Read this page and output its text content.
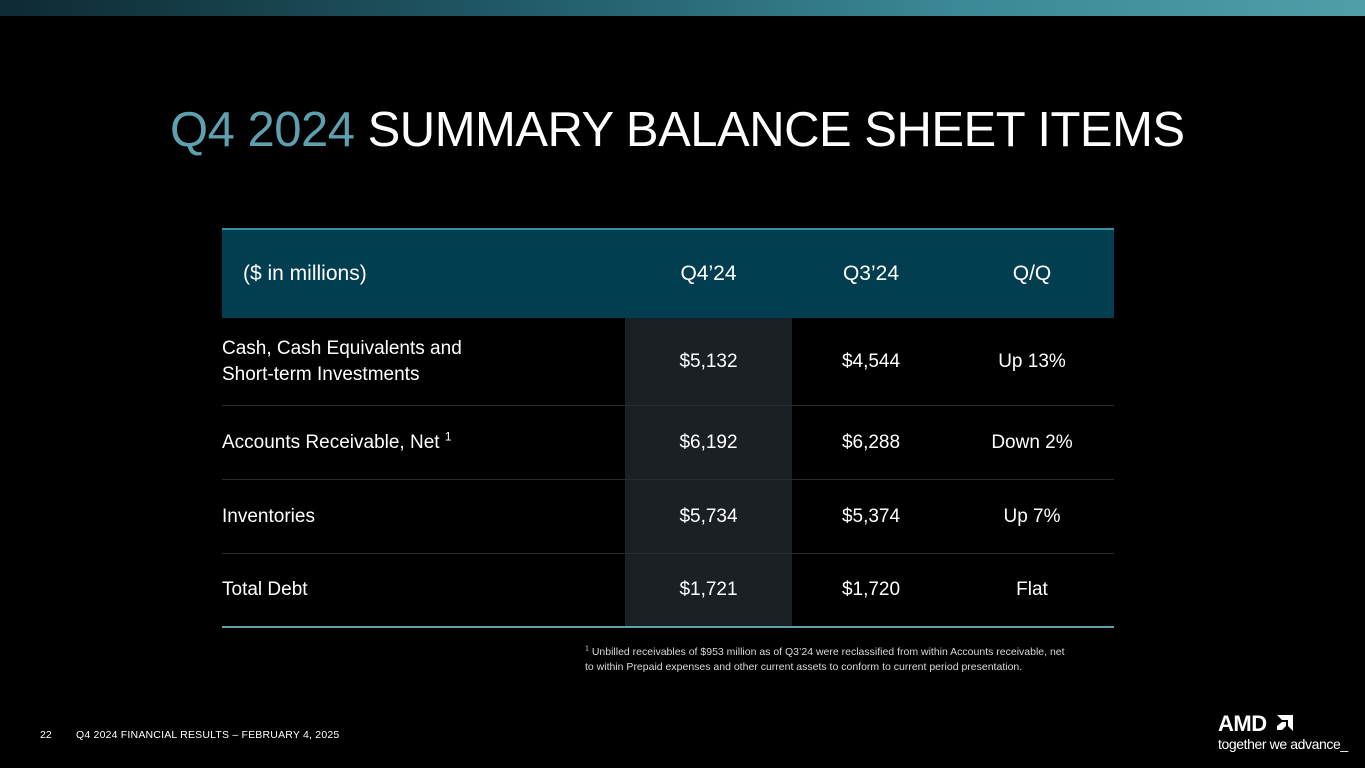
Q4 2024 SUMMARY BALANCE SHEET ITEMS
($ in millions)	Q4’24	Q3’24	Q/Q
Cash, Cash Equivalents and
Short-term Investments
$5,132	$4,544	Up 13%
Accounts Receivable, Net $^1$	$6,192	$6,288	Down 2%
Inventories	$5,734	$5,374	Up 7%
Total Debt	$1,721	$1,720	Flat
$^1$ Unbilled receivables of $953 million as of Q3’24 were reclassified from within Accounts receivable, net
to within Prepaid expenses and other current assets to conform to current period presentation.
22 Q4 2024 FINANCIAL RESULTS – FEBRUARY 4, 2025	AMD
together we advance_
